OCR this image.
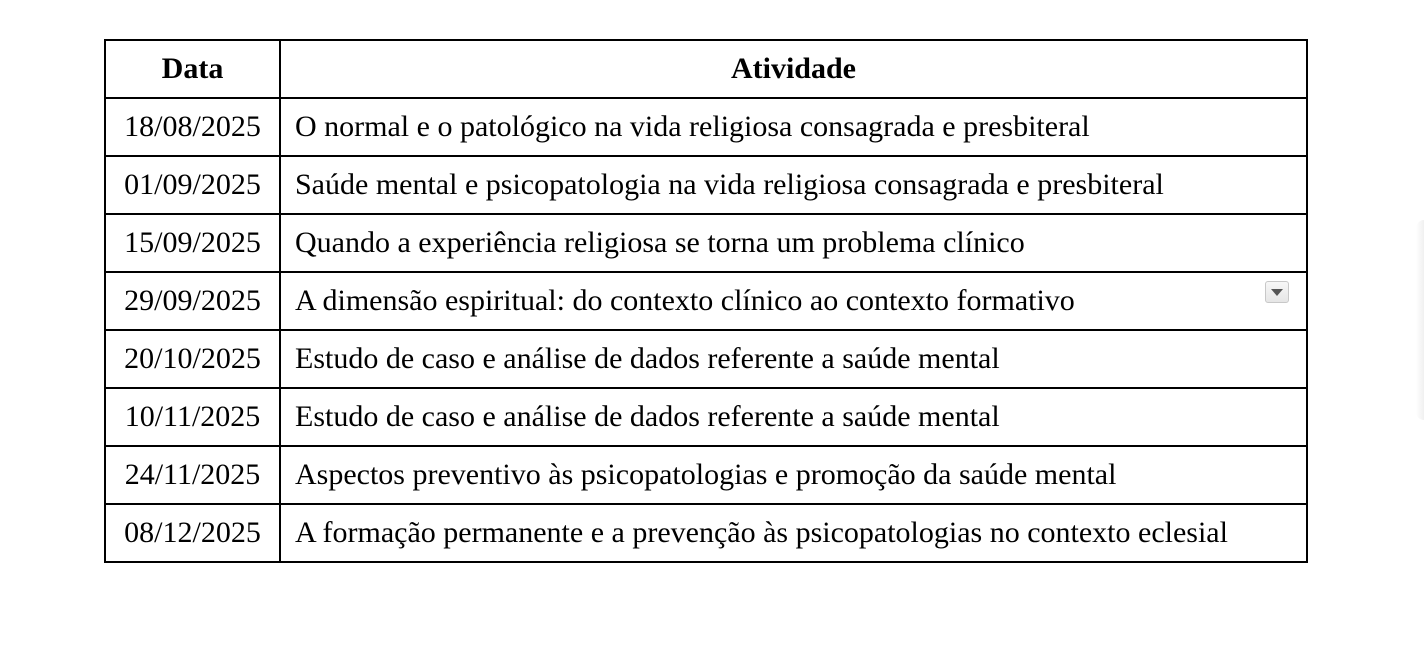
Data	Atividade
18/08/2025	O normal e o patológico na vida religiosa consagrada e presbiteral
01/09/2025	Saúde mental e psicopatologia na vida religiosa consagrada e presbiteral
15/09/2025	Quando a experiência religiosa se torna um problema clínico
29/09/2025	A dimensão espiritual: do contexto clínico ao contexto formativo

20/10/2025	Estudo de caso e análise de dados referente a saúde mental
10/11/2025	Estudo de caso e análise de dados referente a saúde mental
24/11/2025	Aspectos preventivo às psicopatologias e promoção da saúde mental
08/12/2025	A formação permanente e a prevenção às psicopatologias no contexto eclesial
